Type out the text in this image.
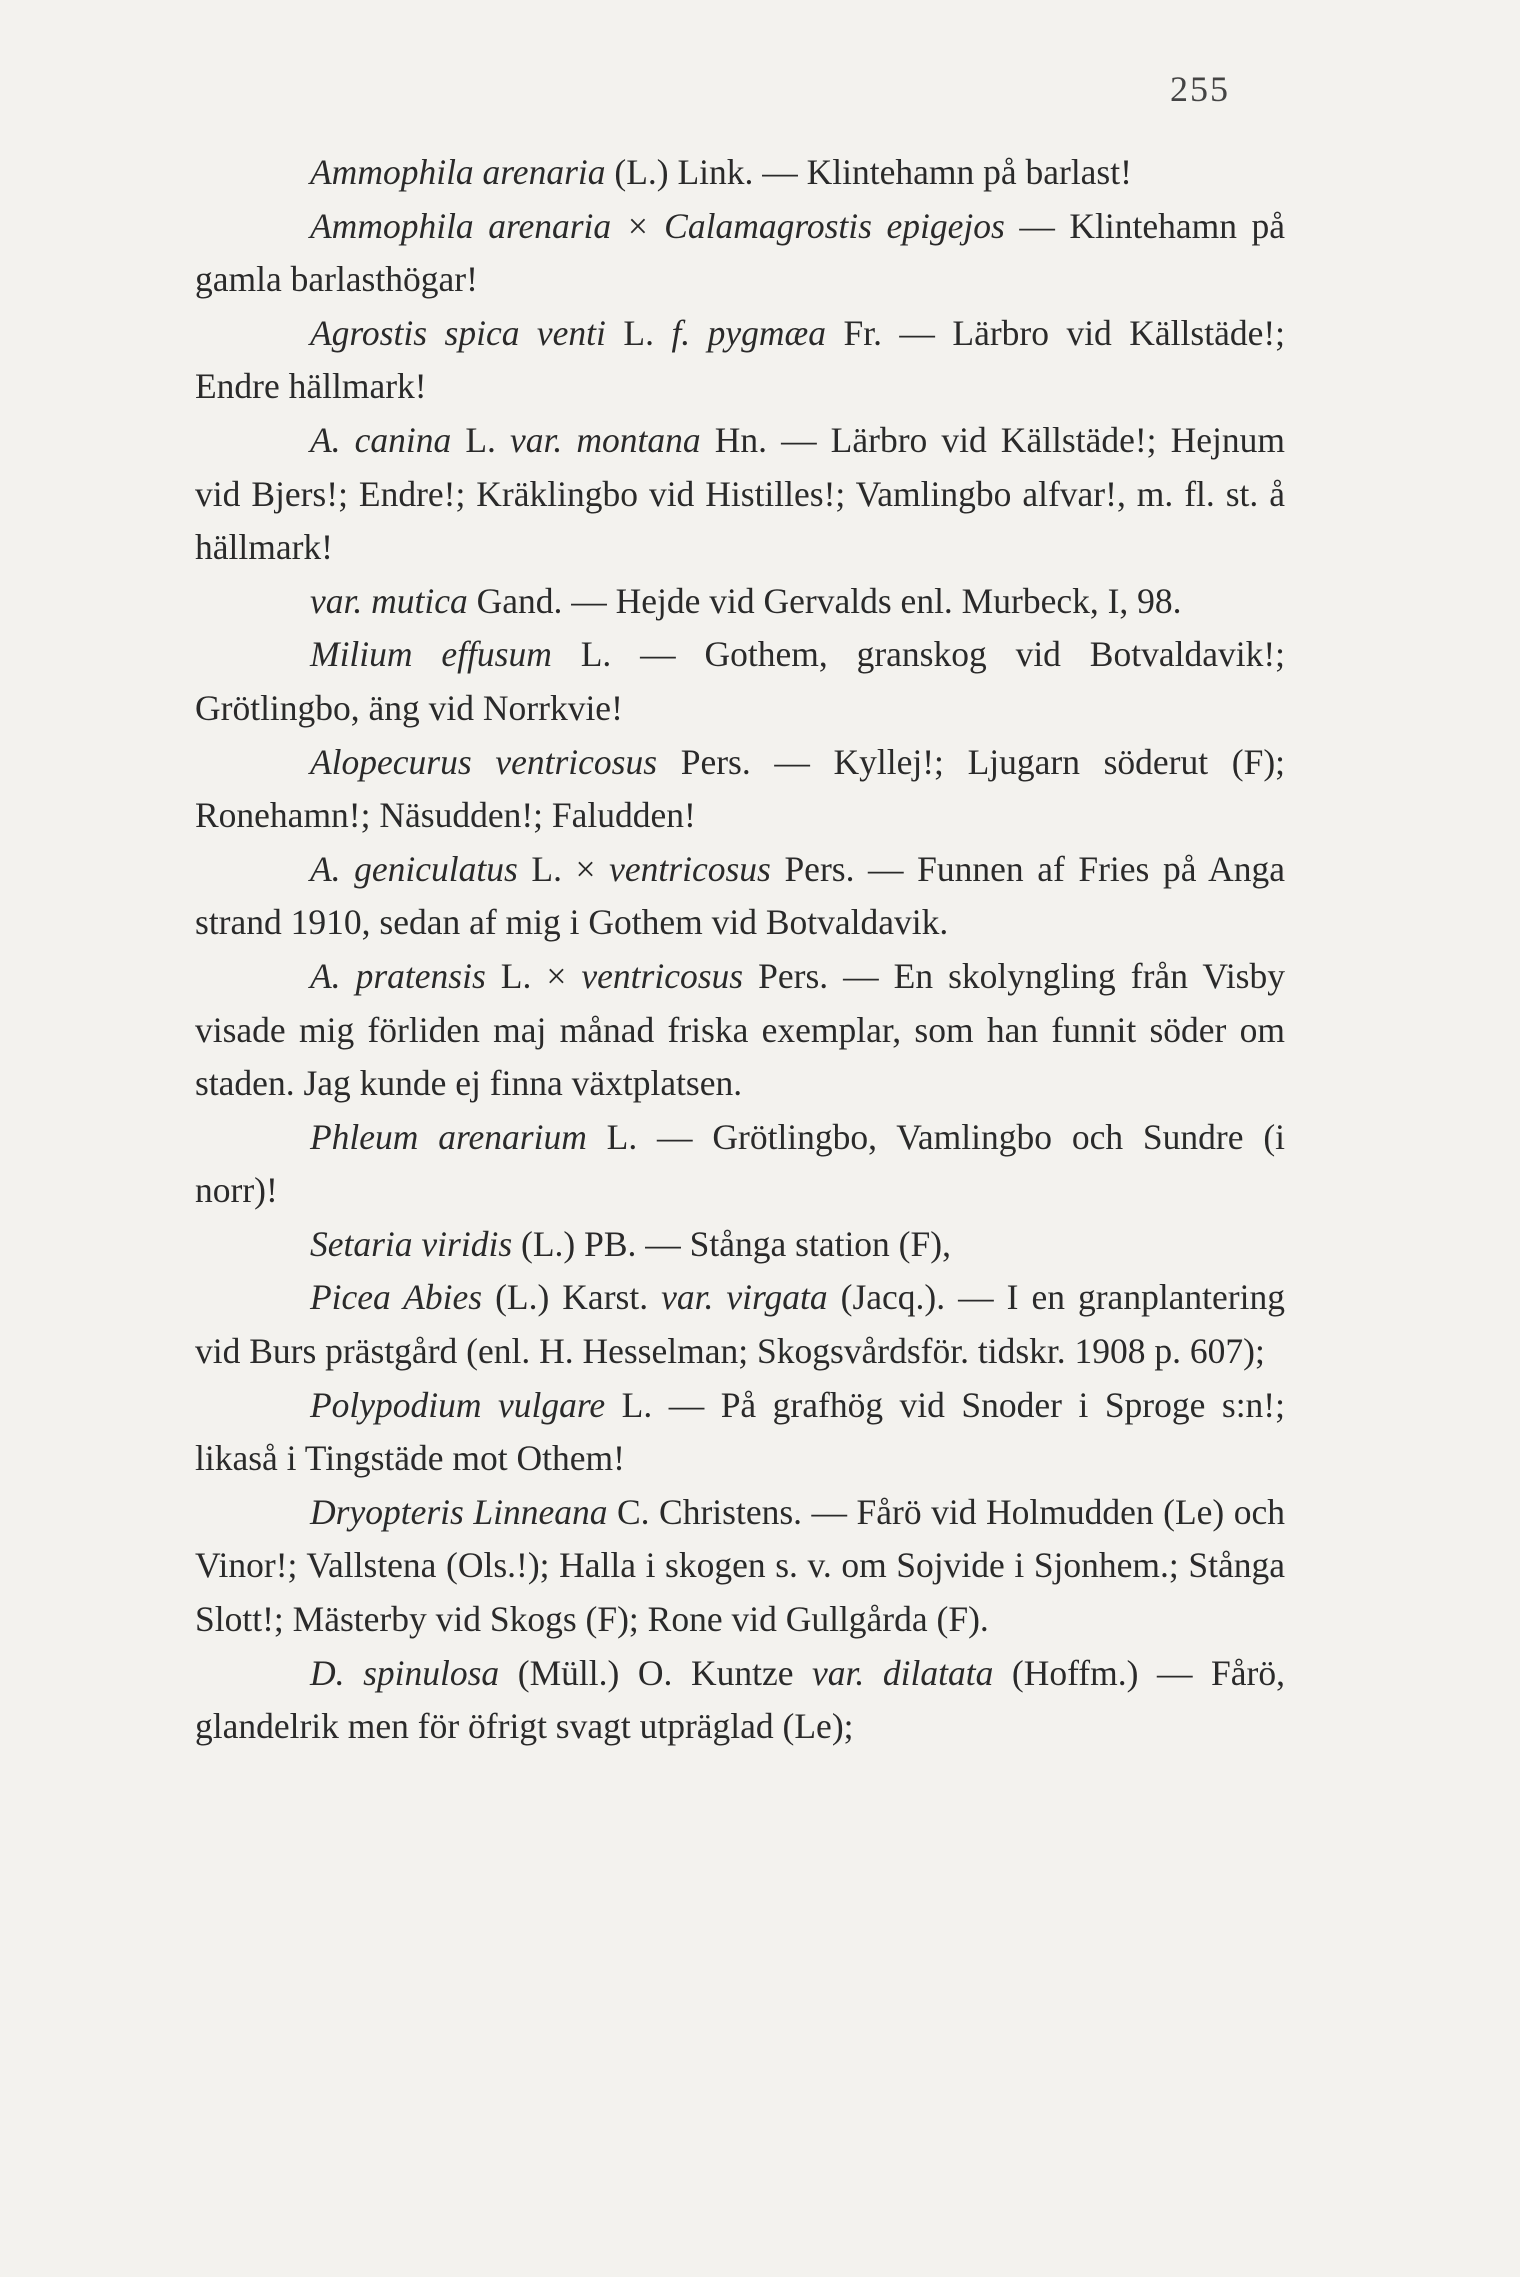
255

Ammophila arenaria (L.) Link. — Klintehamn på barlast!

Ammophila arenaria × Calamagrostis epigejos — Klintehamn på gamla barlasthögar!

Agrostis spica venti L. f. pygmæa Fr. — Lärbro vid Källstäde!; Endre hällmark!

A. canina L. var. montana Hn. — Lärbro vid Källstäde!; Hejnum vid Bjers!; Endre!; Kräklingbo vid Histilles!; Vamlingbo alfvar!, m. fl. st. å hällmark!

var. mutica Gand. — Hejde vid Gervalds enl. Murbeck, I, 98.

Milium effusum L. — Gothem, granskog vid Botvaldavik!; Grötlingbo, äng vid Norrkvie!

Alopecurus ventricosus Pers. — Kyllej!; Ljugarn söderut (F); Ronehamn!; Näsudden!; Faludden!

A. geniculatus L. × ventricosus Pers. — Funnen af Fries på Anga strand 1910, sedan af mig i Gothem vid Botvaldavik.

A. pratensis L. × ventricosus Pers. — En skolyngling från Visby visade mig förliden maj månad friska exemplar, som han funnit söder om staden. Jag kunde ej finna växtplatsen.

Phleum arenarium L. — Grötlingbo, Vamlingbo och Sundre (i norr)!

Setaria viridis (L.) PB. — Stånga station (F),

Picea Abies (L.) Karst. var. virgata (Jacq.). — I en granplantering vid Burs prästgård (enl. H. Hesselman; Skogsvårdsför. tidskr. 1908 p. 607);

Polypodium vulgare L. — På grafhög vid Snoder i Sproge s:n!; likaså i Tingstäde mot Othem!

Dryopteris Linneana C. Christens. — Fårö vid Holmudden (Le) och Vinor!; Vallstena (Ols.!); Halla i skogen s. v. om Sojvide i Sjonhem.; Stånga Slott!; Mästerby vid Skogs (F); Rone vid Gullgårda (F).

D. spinulosa (Müll.) O. Kuntze var. dilatata (Hoffm.) — Fårö, glandelrik men för öfrigt svagt utpräglad (Le);
